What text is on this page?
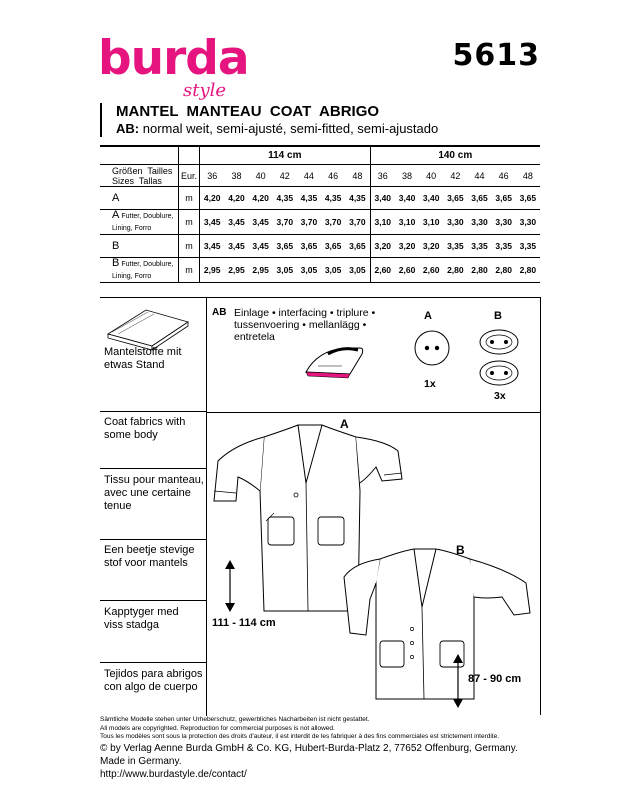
burda
style
5613
MANTEL  MANTEAU  COAT  ABRIGO
AB: normal weit, semi-ajusté, semi-fitted, semi-ajustado
		114 cm							140 cm						

Größen  Tailles
Sizes  Tallas	Eur.	36	38	40	42	44	46	48	36	38	40	42	44	46	48
A	m	4,20	4,20	4,20	4,35	4,35	4,35	4,35	3,40	3,40	3,40	3,65	3,65	3,65	3,65
A Futter, Doublure, Lining, Forro	m	3,45	3,45	3,45	3,70	3,70	3,70	3,70	3,10	3,10	3,10	3,30	3,30	3,30	3,30
B	m	3,45	3,45	3,45	3,65	3,65	3,65	3,65	3,20	3,20	3,20	3,35	3,35	3,35	3,35
B Futter, Doublure, Lining, Forro	m	2,95	2,95	2,95	3,05	3,05	3,05	3,05	2,60	2,60	2,60	2,80	2,80	2,80	2,80
Mantelstoffe mit etwas Stand
Coat fabrics with some body
Tissu pour manteau, avec une certaine tenue
Een beetje stevige stof voor mantels
Kapptyger med viss stadga
Tejidos para abrigos con algo de cuerpo
AB Einlage • interfacing • triplure • tussenvoering • mellanlägg • entretela
A
1x
B
3x
A
111 - 114 cm
B
87 - 90 cm
Sämtliche Modelle stehen unter Urheberschutz, gewerbliches Nacharbeiten ist nicht gestattet.
All models are copyrighted. Reproduction for commercial purposes is not allowed.
Tous les modèles sont sous la protection des droits d'auteur, il est interdit de les fabriquer à des fins commerciales est strictement interdite.
© by Verlag Aenne Burda GmbH & Co. KG, Hubert-Burda-Platz 2, 77652 Offenburg, Germany. Made in Germany.
http://www.burdastyle.de/contact/
